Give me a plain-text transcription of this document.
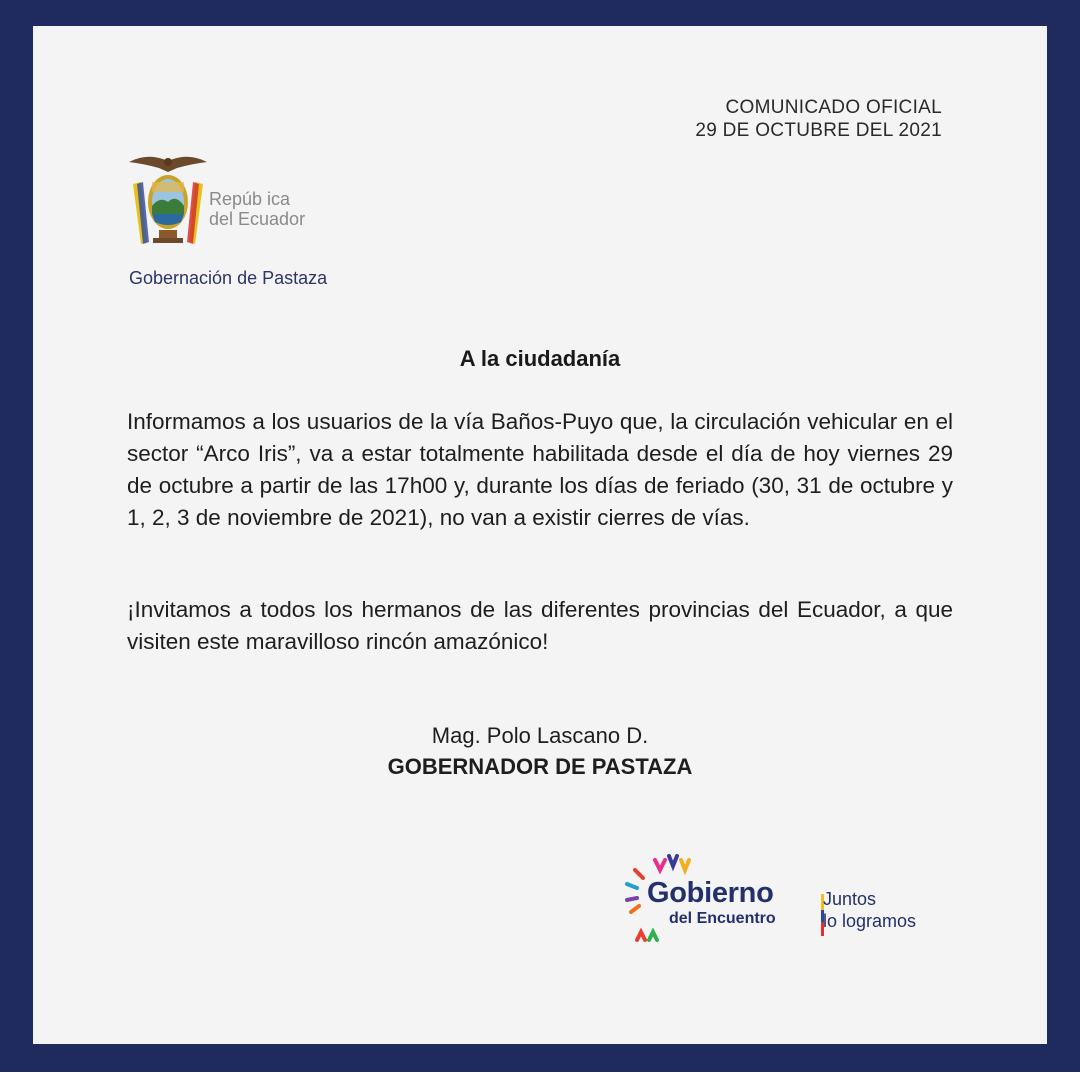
COMUNICADO OFICIAL
29 DE OCTUBRE DEL 2021
Repúb ica
del Ecuador
Gobernación de Pastaza
A la ciudadanía

Informamos a los usuarios de la vía Baños-Puyo que, la circulación vehicular en el sector “Arco Iris”, va a estar totalmente habilitada desde el día de hoy viernes 29 de octubre a partir de las 17h00 y, durante los días de feriado (30, 31 de octubre y 1, 2, 3 de noviembre de 2021), no van a existir cierres de vías.

¡Invitamos a todos los hermanos de las diferentes provincias del Ecuador, a que visiten este maravilloso rincón amazónico!

Mag. Polo Lascano D.
GOBERNADOR DE PASTAZA
Gobierno
del Encuentro
Juntos
lo logramos
